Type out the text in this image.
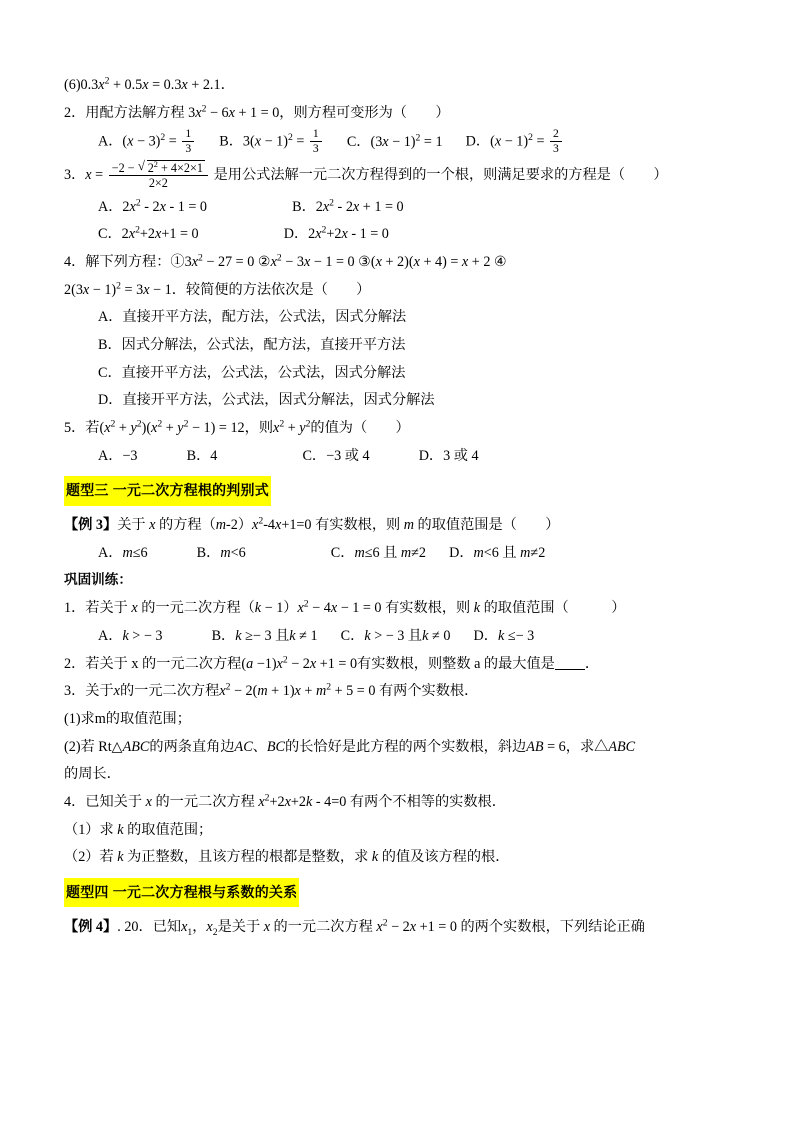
$(6)0.3x^2 + 0.5x = 0.3x + 2.1$．
2．用配方法解方程 $3x^2 - 6x + 1 = 0$，则方程可变形为（　　）
A．$(x - 3)^2 = \frac{1}{3}$ B．$3(x - 1)^2 = \frac{1}{3}$ C．$(3x - 1)^2 = 1$ D．$(x - 1)^2 = \frac{2}{3}$
3．$x = \frac{-2 - √ 2^2 + 4\times 2\times 1}{2\times 2}$ 是用公式法解一元二次方程得到的一个根，则满足要求的方程是（　　）
A．$2x^2 - 2x - 1 = 0$	B．$2x^2 - 2x + 1 = 0$
C．$2x^2+2x+1 = 0$	D．$2x^2+2x - 1 = 0$
4．解下列方程：$①3x^2 - 27 = 0$ $②x^2 - 3x - 1 = 0$ ③(x + 2)(x + 4) = x + 2 ④
$2(3x - 1)^2 = 3x - 1$．较简便的方法依次是（　　）
A．直接开平方法，配方法，公式法，因式分解法
B．因式分解法，公式法，配方法，直接开平方法
C．直接开平方法，公式法，公式法，因式分解法
D．直接开平方法，公式法，因式分解法，因式分解法
5．若$(x^2 + y^2)(x^2 + y^2 - 1) = 12$，则$x^2 + y^2$的值为（　　）
A．−3	B．4	C．−3 或 4	D．3 或 4
题型三 一元二次方程根的判别式
【例 3】关于 x 的方程$(m-2)x^2-4x+1=0$ 有实数根，则 m 的取值范围是（　　）
A．m≤6	B．m<6	C．m≤6 且 m≠2 D．m<6 且 m≠2
巩固训练：
1．若关于 x 的一元二次方程$(k - 1)x^2 - 4x - 1 = 0$ 有实数根，则 k 的取值范围（　　　）
A．k > − 3	B．k ≥− 3 且k ≠ 1 C．k > − 3 且k ≠ 0 D．k ≤− 3
2．若关于 x 的一元二次方程$(a -1)x^2 - 2x +1 = 0$有实数根，则整数 a 的最大值是 ．
3．关于x的一元二次方程$x^2 - 2(m + 1)x + m^2 + 5 = 0$ 有两个实数根．
(1)求m的取值范围；
(2)若 Rt△ABC的两条直角边AC、BC的长恰好是此方程的两个实数根，斜边AB = 6，求△ABC
的周长．
4．已知关于 x 的一元二次方程 $x^2+2x+2k - 4=0$ 有两个不相等的实数根．
（1）求 k 的取值范围；
（2）若 k 为正整数，且该方程的根都是整数，求 k 的值及该方程的根．
题型四 一元二次方程根与系数的关系
【例 4】. 20．已知$x_1$，$x_2$是关于 x 的一元二次方程 $x^2 - 2x +1 = 0$ 的两个实数根，下列结论正确
